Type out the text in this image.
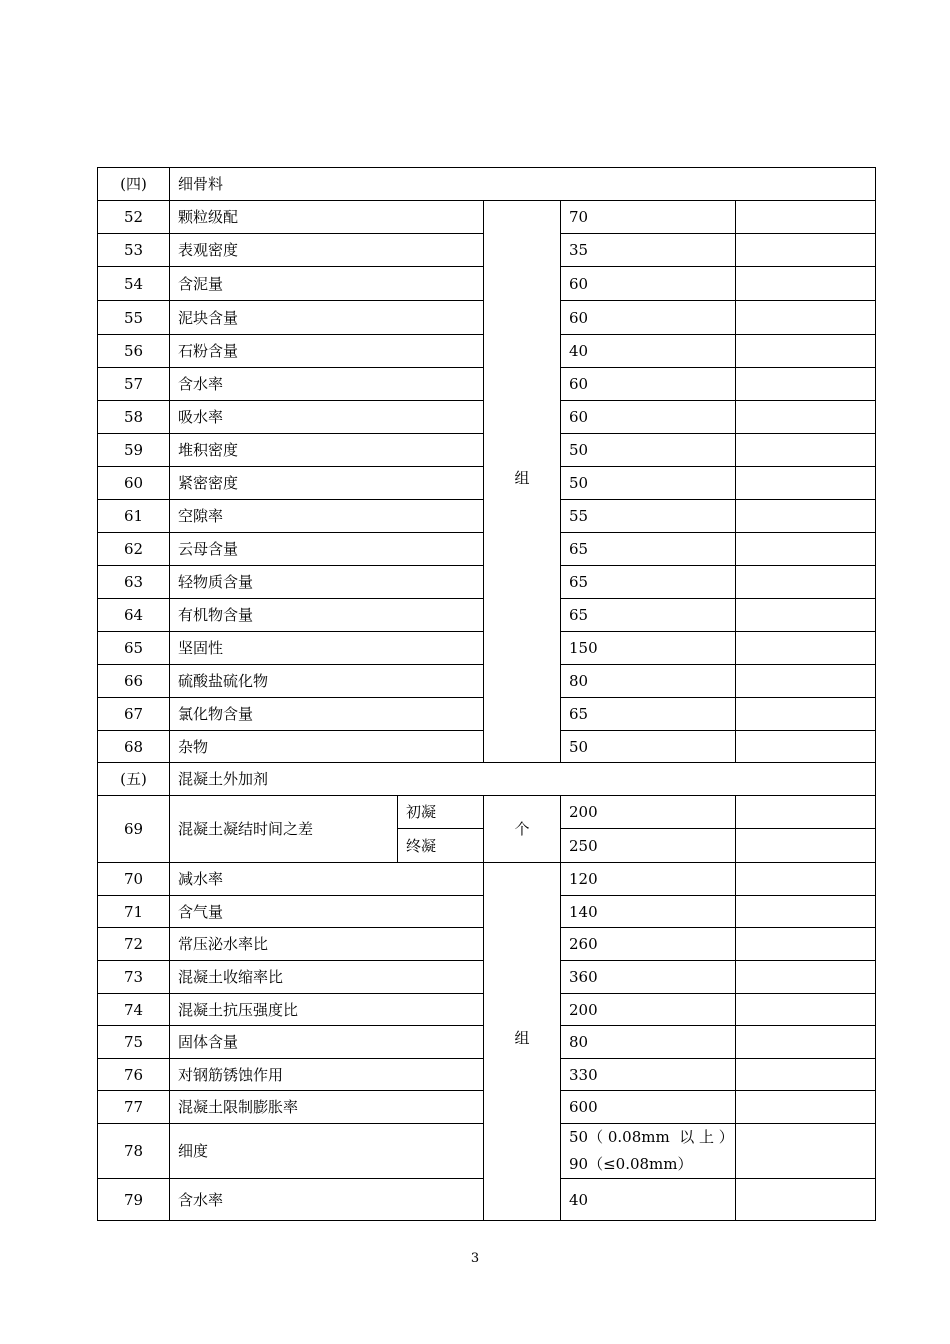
(四)	细骨料				
52	颗粒级配		组	70	
53	表观密度			35	
54	含泥量			60	
55	泥块含量			60	
56	石粉含量			40	
57	含水率			60	
58	吸水率			60	
59	堆积密度			50	
60	紧密密度			50	
61	空隙率			55	
62	云母含量			65	
63	轻物质含量			65	
64	有机物含量			65	
65	坚固性			150	
66	硫酸盐硫化物			80	
67	氯化物含量			65	
68	杂物			50	
(五)	混凝土外加剂				
69	混凝土凝结时间之差	初凝	个	200	
		终凝		250	
70	减水率		组	120	
71	含气量			140	
72	常压泌水率比			260	
73	混凝土收缩率比			360	
74	混凝土抗压强度比			200	
75	固体含量			80	
76	对钢筋锈蚀作用			330	
77	混凝土限制膨胀率			600	
78	细度			50（ 0.08mm  以 上 ）
90（≤0.08mm）	

79	含水率			40	
3
